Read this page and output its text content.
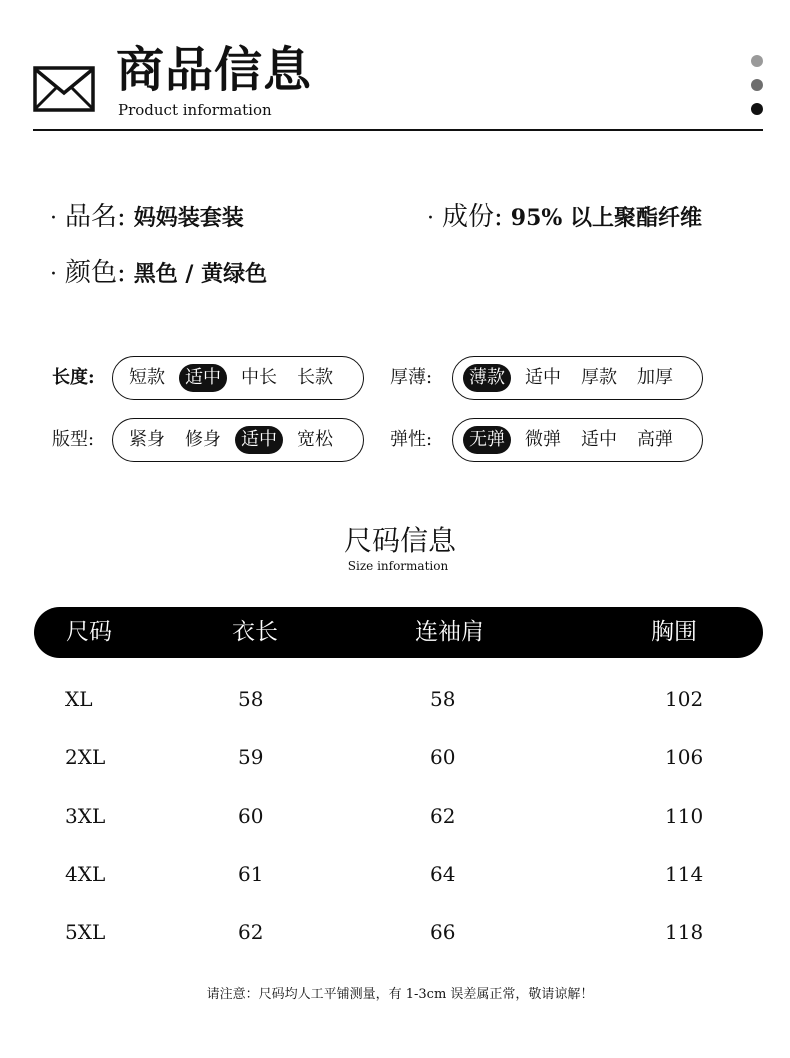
商品信息
Product information
· 品名: 妈妈装套装	· 成份: 95% 以上聚酯纤维
· 颜色: 黑色 / 黄绿色
长度:	短款	适中	中长	长款	厚薄:	薄款	适中	厚款	加厚
版型:	紧身	修身	适中	宽松	弹性:	无弹	微弹	适中	高弹
尺码信息
Size information
尺码	衣长	连袖肩	胸围
XL	58	58	102
2XL	59	60	106
3XL	60	62	110
4XL	61	64	114
5XL	62	66	118
请注意：尺码均人工平铺测量，有 1-3cm 误差属正常，敬请谅解！
